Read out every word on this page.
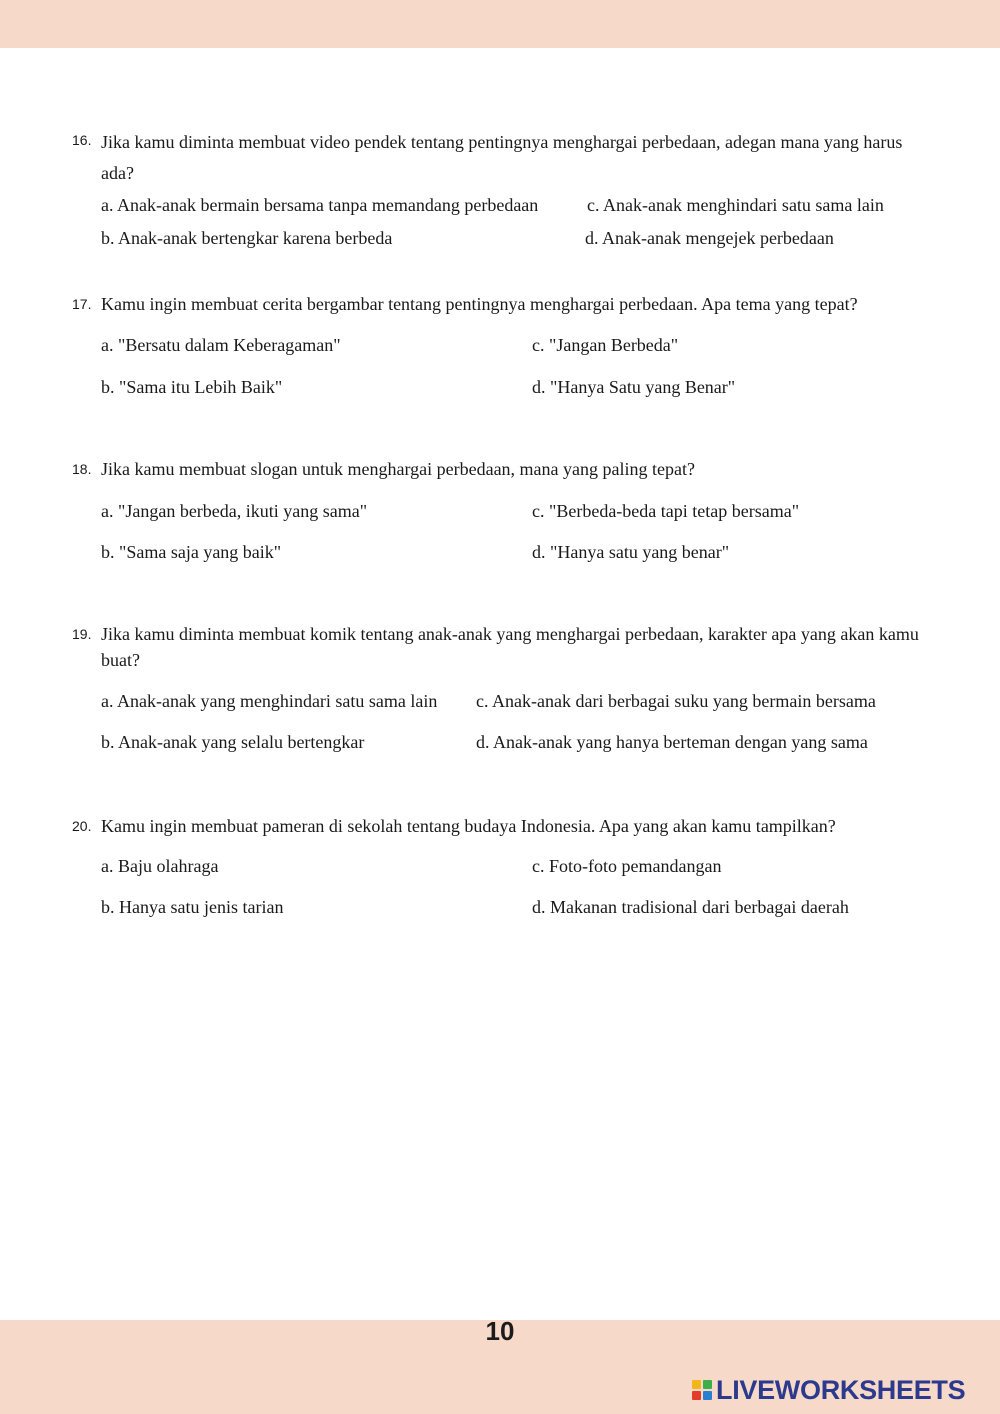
16. Jika kamu diminta membuat video pendek tentang pentingnya menghargai perbedaan, adegan mana yang harus ada?
a. Anak-anak bermain bersama tanpa memandang perbedaan	c. Anak-anak menghindari satu sama lain
b. Anak-anak bertengkar karena berbeda	d. Anak-anak mengejek perbedaan
17. Kamu ingin membuat cerita bergambar tentang pentingnya menghargai perbedaan. Apa tema yang tepat?
a. "Bersatu dalam Keberagaman"	c. "Jangan Berbeda"
b. "Sama itu Lebih Baik"	d. "Hanya Satu yang Benar"
18. Jika kamu membuat slogan untuk menghargai perbedaan, mana yang paling tepat?
a. "Jangan berbeda, ikuti yang sama"	c. "Berbeda-beda tapi tetap bersama"
b. "Sama saja yang baik"	d. "Hanya satu yang benar"
19. Jika kamu diminta membuat komik tentang anak-anak yang menghargai perbedaan, karakter apa yang akan kamu buat?
a. Anak-anak yang menghindari satu sama lain c. Anak-anak dari berbagai suku yang bermain bersama
b. Anak-anak yang selalu bertengkar	d. Anak-anak yang hanya berteman dengan yang sama
20. Kamu ingin membuat pameran di sekolah tentang budaya Indonesia. Apa yang akan kamu tampilkan?
a. Baju olahraga	c. Foto-foto pemandangan
b. Hanya satu jenis tarian	d. Makanan tradisional dari berbagai daerah
10
LIVEWORKSHEETS
